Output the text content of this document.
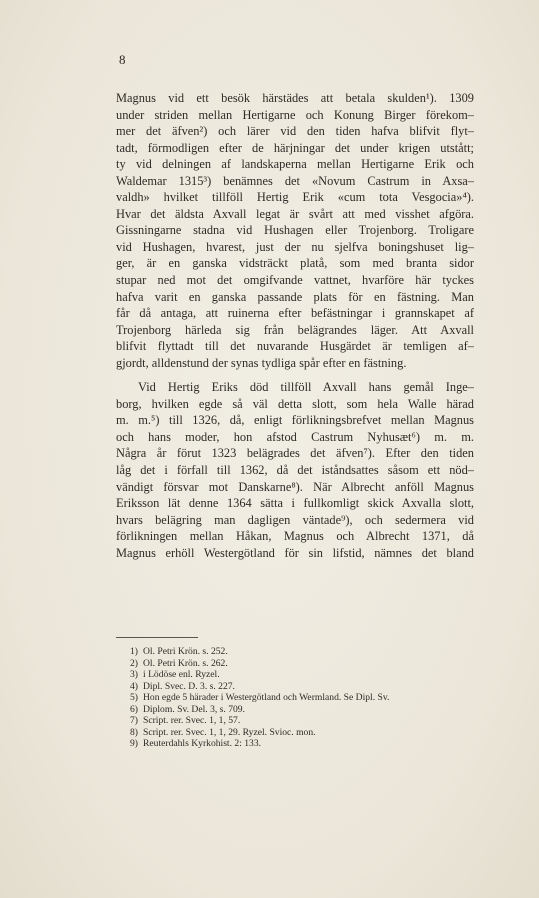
8
Magnus vid ett besök härstädes att betala skulden¹). 1309
under striden mellan Hertigarne och Konung Birger förekom–
mer det äfven²) och lärer vid den tiden hafva blifvit flyt–
tadt, förmodligen efter de härjningar det under krigen utstått;
ty vid delningen af landskaperna mellan Hertigarne Erik och
Waldemar 1315³) benämnes det «Novum Castrum in Axsa–
valdh» hvilket tillföll Hertig Erik «cum tota Vesgocia»⁴).
Hvar det äldsta Axvall legat är svårt att med visshet afgöra.
Gissningarne stadna vid Hushagen eller Trojenborg. Troligare
vid Hushagen, hvarest, just der nu sjelfva boningshuset lig–
ger, är en ganska vidsträckt platå, som med branta sidor
stupar ned mot det omgifvande vattnet, hvarföre här tyckes
hafva varit en ganska passande plats för en fästning. Man
får då antaga, att ruinerna efter befästningar i grannskapet af
Trojenborg härleda sig från belägrandes läger. Att Axvall
blifvit flyttadt till det nuvarande Husgärdet är temligen af–
gjordt, alldenstund der synas tydliga spår efter en fästning.
Vid Hertig Eriks död tillföll Axvall hans gemål Inge–
borg, hvilken egde så väl detta slott, som hela Walle härad
m. m.⁵) till 1326, då, enligt förlikningsbrefvet mellan Magnus
och hans moder, hon afstod Castrum Nyhusæt⁶) m. m.
Några år förut 1323 belägrades det äfven⁷). Efter den tiden
låg det i förfall till 1362, då det iståndsattes såsom ett nöd–
vändigt försvar mot Danskarne⁸). När Albrecht anföll Magnus
Eriksson lät denne 1364 sätta i fullkomligt skick Axvalla slott,
hvars belägring man dagligen väntade⁹), och sedermera vid
förlikningen mellan Håkan, Magnus och Albrecht 1371, då
Magnus erhöll Westergötland för sin lifstid, nämnes det bland
1) Ol. Petri Krön. s. 252.
2) Ol. Petri Krön. s. 262.
3) i Lödöse enl. Ryzel.
4) Dipl. Svec. D. 3. s. 227.
5) Hon egde 5 härader i Westergötland och Wermland. Se Dipl. Sv.
6) Diplom. Sv. Del. 3, s. 709.
7) Script. rer. Svec. 1, 1, 57.
8) Script. rer. Svec. 1, 1, 29. Ryzel. Svioc. mon.
9) Reuterdahls Kyrkohist. 2: 133.
